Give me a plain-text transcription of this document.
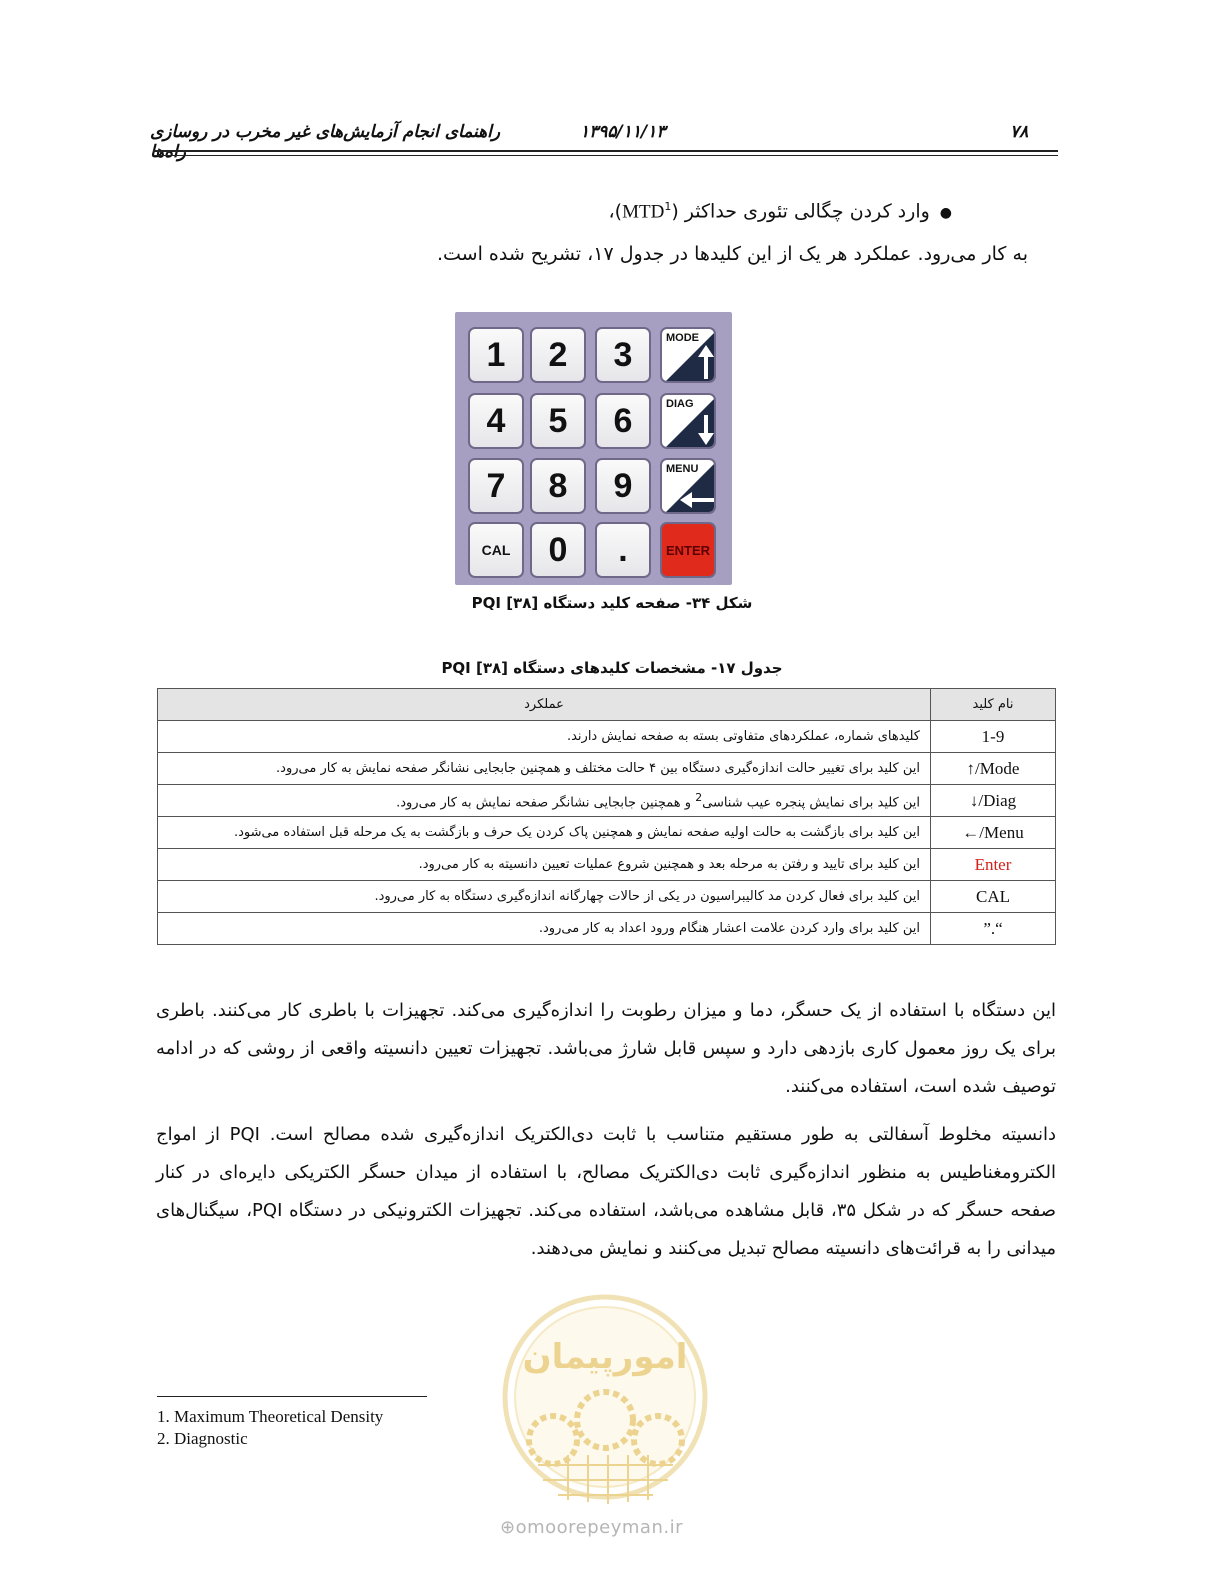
۷۸
۱۳۹۵/۱۱/۱۳
راهنمای انجام آزمایش‌های غیر مخرب در روسازی راه‌ها
●وارد کردن چگالی تئوری حداکثر (MTD$^1$)،
به کار می‌رود. عملکرد هر یک از این کلیدها در جدول ۱۷، تشریح شده است.
1	2	3	MODE
4	5	6	DIAG
7	8	9	MENU
CAL	0	.	ENTER
شکل ۳۴- صفحه کلید دستگاه PQI [۳۸]
جدول ۱۷- مشخصات کلیدهای دستگاه PQI [۳۸]
نام کلید	عملکرد
1-9	کلیدهای شماره، عملکردهای متفاوتی بسته به صفحه نمایش دارند.
Mode/↑	این کلید برای تغییر حالت اندازه‌گیری دستگاه بین ۴ حالت مختلف و همچنین جابجایی نشانگر صفحه نمایش به کار می‌رود.
Diag/↓	این کلید برای نمایش پنجره عیب شناسی$^2$ و همچنین جابجایی نشانگر صفحه نمایش به کار می‌رود.
Menu/←	این کلید برای بازگشت به حالت اولیه صفحه نمایش و همچنین پاک کردن یک حرف و بازگشت به یک مرحله قبل استفاده می‌شود.
Enter	این کلید برای تایید و رفتن به مرحله بعد و همچنین شروع عملیات تعیین دانسیته به کار می‌رود.
CAL	این کلید برای فعال کردن مد کالیبراسیون در یکی از حالات چهارگانه اندازه‌گیری دستگاه به کار می‌رود.
“.”	این کلید برای وارد کردن علامت اعشار هنگام ورود اعداد به کار می‌رود.
این دستگاه با استفاده از یک حسگر، دما و میزان رطوبت را اندازه‌گیری می‌کند. تجهیزات با باطری کار می‌کنند. باطری برای یک روز معمول کاری بازدهی دارد و سپس قابل شارژ می‌باشد. تجهیزات تعیین دانسیته واقعی از روشی که در ادامه توصیف شده است، استفاده می‌کنند.
دانسیته مخلوط آسفالتی به طور مستقیم متناسب با ثابت دی‌الکتریک اندازه‌گیری شده مصالح است. PQI از امواج الکترومغناطیس به منظور اندازه‌گیری ثابت دی‌الکتریک مصالح، با استفاده از میدان حسگر الکتریکی دایره‌ای در کنار صفحه حسگر که در شکل ۳۵، قابل مشاهده می‌باشد، استفاده می‌کند. تجهیزات الکترونیکی در دستگاه PQI، سیگنال‌های میدانی را به قرائت‌های دانسیته مصالح تبدیل می‌کنند و نمایش می‌دهند.
امورپیمان
⊕omoorepeyman.ir
1. Maximum Theoretical Density
2. Diagnostic
